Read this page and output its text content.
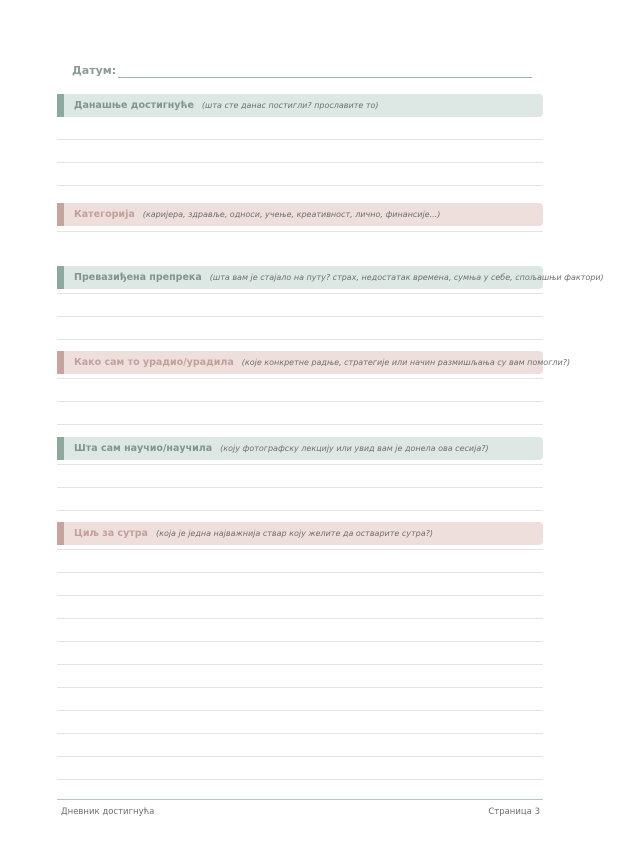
Датум:
Данашње достигнуће (шта сте данас постигли? прославите то)
Категорија (каријера, здравље, односи, учење, креативност, лично, финансије...)
Превазиђена препрека (шта вам је стајало на путу? страх, недостатак времена, сумња у себе, спољашњи фактори)
Како сам то урадио/урадила (које конкретне радње, стратегије или начин размишљања су вам помогли?)
Шта сам научио/научила (коју фотографску лекцију или увид вам је донела ова сесија?)
Циљ за сутра (која је једна најважнија ствар коју желите да остварите сутра?)
Дневник достигнућа	Страница 3
